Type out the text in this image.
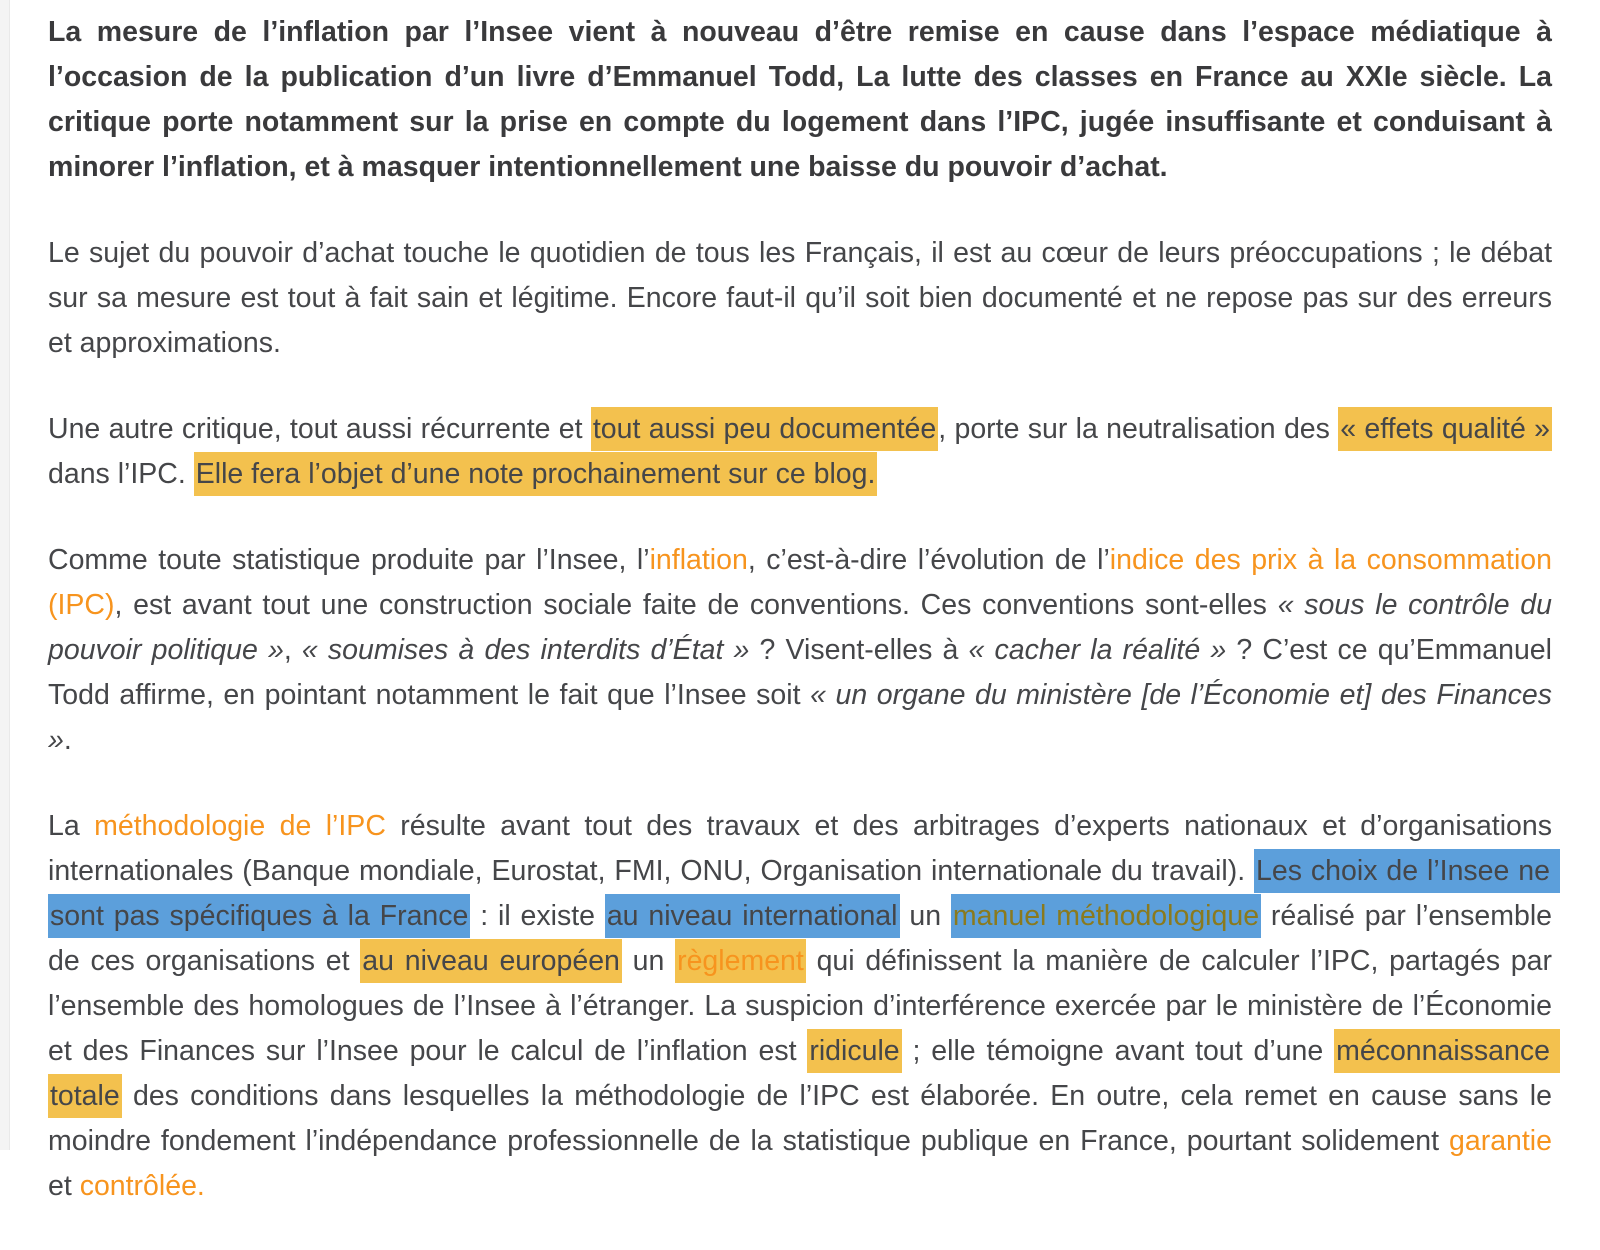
La mesure de l’inflation par l’Insee vient à nouveau d’être remise en cause dans l’espace médiatique à l’occasion de la publication d’un livre d’Emmanuel Todd, La lutte des classes en France au XXIe siècle. La critique porte notamment sur la prise en compte du logement dans l’IPC, jugée insuffisante et conduisant à minorer l’inflation, et à masquer intentionnellement une baisse du pouvoir d’achat.

Le sujet du pouvoir d’achat touche le quotidien de tous les Français, il est au cœur de leurs préoccupations ; le débat sur sa mesure est tout à fait sain et légitime. Encore faut-il qu’il soit bien documenté et ne repose pas sur des erreurs et approximations.

Une autre critique, tout aussi récurrente et tout aussi peu documentée, porte sur la neutralisation des « effets qualité » dans l’IPC. Elle fera l’objet d’une note prochainement sur ce blog.

Comme toute statistique produite par l’Insee, l’inflation, c’est-à-dire l’évolution de l’indice des prix à la consommation (IPC), est avant tout une construction sociale faite de conventions. Ces conventions sont-elles « sous le contrôle du pouvoir politique », « soumises à des interdits d’État » ? Visent-elles à « cacher la réalité » ? C’est ce qu’Emmanuel Todd affirme, en pointant notamment le fait que l’Insee soit « un organe du ministère [de l’Économie et] des Finances ».

La méthodologie de l’IPC résulte avant tout des travaux et des arbitrages d’experts nationaux et d’organisations internationales (Banque mondiale, Eurostat, FMI, ONU, Organisation internationale du travail). Les choix de l’Insee ne sont pas spécifiques à la France : il existe au niveau international un manuel méthodologique réalisé par l’ensemble de ces organisations et au niveau européen un règlement qui définissent la manière de calculer l’IPC, partagés par l’ensemble des homologues de l’Insee à l’étranger. La suspicion d’interférence exercée par le ministère de l’Économie et des Finances sur l’Insee pour le calcul de l’inflation est ridicule ; elle témoigne avant tout d’une méconnaissance totale des conditions dans lesquelles la méthodologie de l’IPC est élaborée. En outre, cela remet en cause sans le moindre fondement l’indépendance professionnelle de la statistique publique en France, pourtant solidement garantie et contrôlée.
